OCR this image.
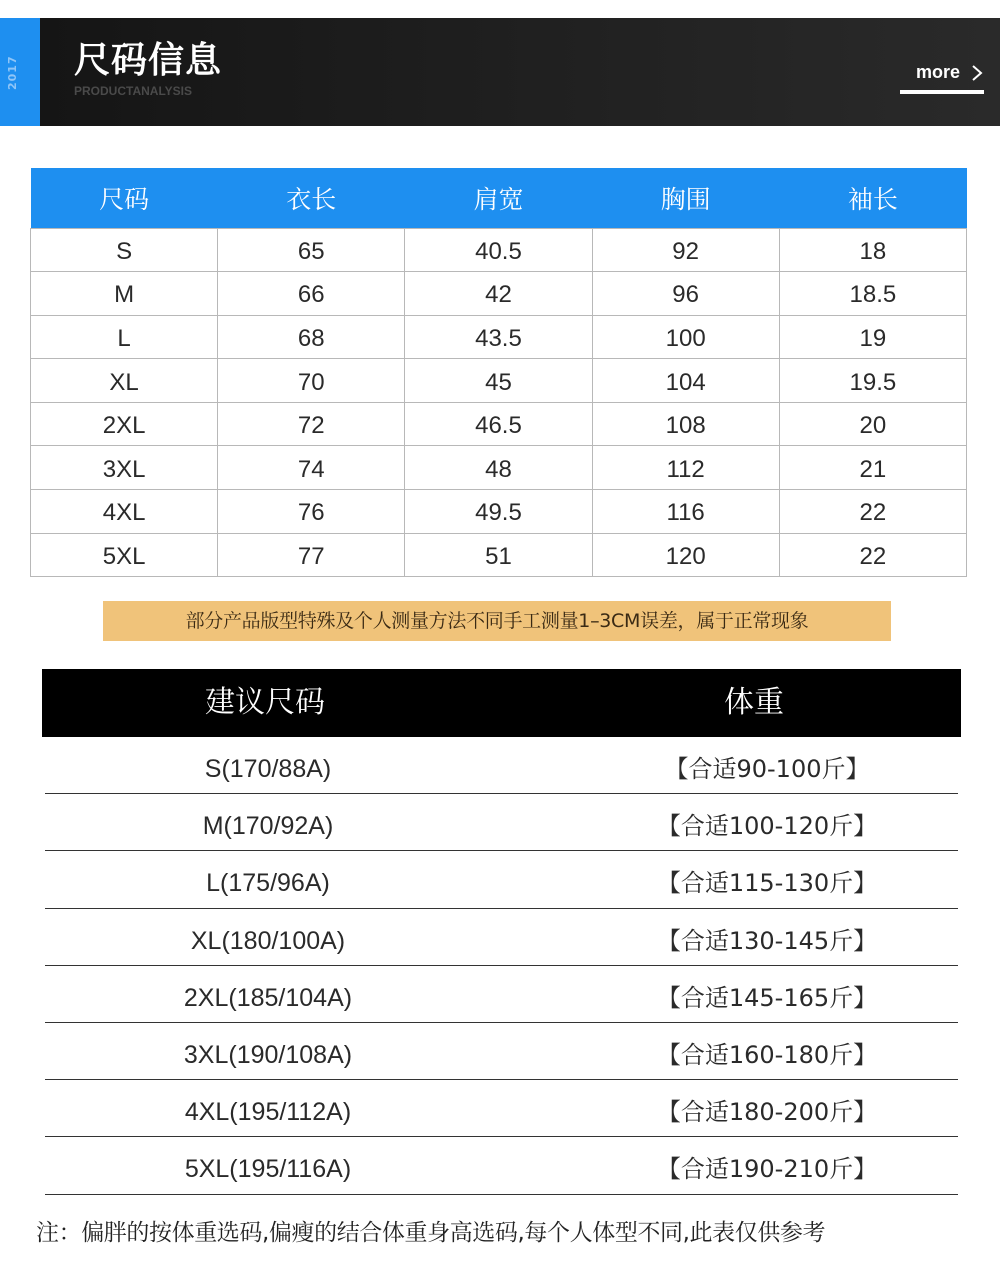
2017	尺码信息
PRODUCTANALYSIS
more
尺码	衣长	肩宽	胸围	袖长
S	65	40.5	92	18
M	66	42	96	18.5
L	68	43.5	100	19
XL	70	45	104	19.5
2XL	72	46.5	108	20
3XL	74	48	112	21
4XL	76	49.5	116	22
5XL	77	51	120	22
部分产品版型特殊及个人测量方法不同手工测量1–3CM误差，属于正常现象
建议尺码	体重
S(170/88A)	【合适90-100斤】
M(170/92A)	【合适100-120斤】
L(175/96A)	【合适115-130斤】
XL(180/100A)	【合适130-145斤】
2XL(185/104A)	【合适145-165斤】
3XL(190/108A)	【合适160-180斤】
4XL(195/112A)	【合适180-200斤】
5XL(195/116A)	【合适190-210斤】
注：偏胖的按体重选码,偏瘦的结合体重身高选码,每个人体型不同,此表仅供参考
